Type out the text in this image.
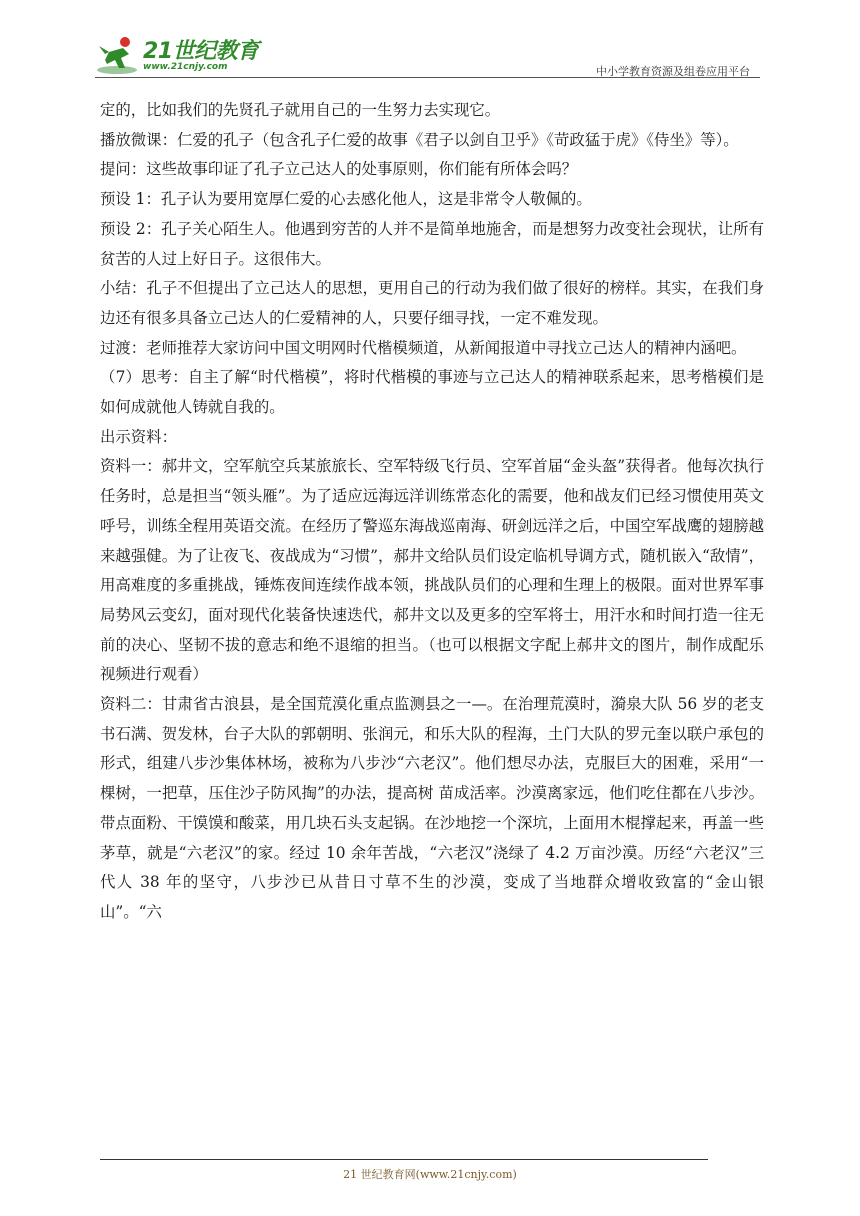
21世纪教育
www.21cnjy.com	中小学教育资源及组卷应用平台

定的，比如我们的先贤孔子就用自己的一生努力去实现它。

播放微课：仁爱的孔子（包含孔子仁爱的故事《君子以剑自卫乎》《苛政猛于虎》《侍坐》等）。

提问：这些故事印证了孔子立己达人的处事原则，你们能有所体会吗？

预设 1：孔子认为要用宽厚仁爱的心去感化他人，这是非常令人敬佩的。

预设 2：孔子关心陌生人。他遇到穷苦的人并不是简单地施舍，而是想努力改变社会现状，让所有贫苦的人过上好日子。这很伟大。

小结：孔子不但提出了立己达人的思想，更用自己的行动为我们做了很好的榜样。其实，在我们身边还有很多具备立己达人的仁爱精神的人，只要仔细寻找，一定不难发现。

过渡：老师推荐大家访问中国文明网时代楷模频道，从新闻报道中寻找立己达人的精神内涵吧。

（7）思考：自主了解“时代楷模”，将时代楷模的事迹与立己达人的精神联系起来，思考楷模们是如何成就他人铸就自我的。

出示资料：

资料一：郝井文，空军航空兵某旅旅长、空军特级飞行员、空军首届“金头盔”获得者。他每次执行任务时，总是担当“领头雁”。为了适应远海远洋训练常态化的需要，他和战友们已经习惯使用英文呼号，训练全程用英语交流。在经历了警巡东海战巡南海、研剑远洋之后，中国空军战鹰的翅膀越来越强健。为了让夜飞、夜战成为“习惯”，郝井文给队员们设定临机导调方式，随机嵌入“敌情”，用高难度的多重挑战，锤炼夜间连续作战本领，挑战队员们的心理和生理上的极限。面对世界军事局势风云变幻，面对现代化装备快速迭代，郝井文以及更多的空军将士，用汗水和时间打造一往无前的决心、坚韧不拔的意志和绝不退缩的担当。（也可以根据文字配上郝井文的图片，制作成配乐视频进行观看）

资料二：甘肃省古浪县，是全国荒漠化重点监测县之一—。在治理荒漠时，漪泉大队 56 岁的老支书石满、贺发林，台子大队的郭朝明、张润元，和乐大队的程海，土门大队的罗元奎以联户承包的形式，组建八步沙集体林场，被称为八步沙“六老汉”。他们想尽办法，克服巨大的困难，采用“一棵树，一把草，压住沙子防风掏”的办法，提高树 苗成活率。沙漠离家远，他们吃住都在八步沙。带点面粉、干馍馍和酸菜，用几块石头支起锅。在沙地挖一个深坑，上面用木棍撑起来，再盖一些茅草，就是“六老汉”的家。经过 10 余年苦战，“六老汉”浇绿了 4.2 万亩沙漠。历经“六老汉”三代人 38 年的坚守，八步沙已从昔日寸草不生的沙漠，变成了当地群众增收致富的“金山银山”。“六

21 世纪教育网(www.21cnjy.com)
